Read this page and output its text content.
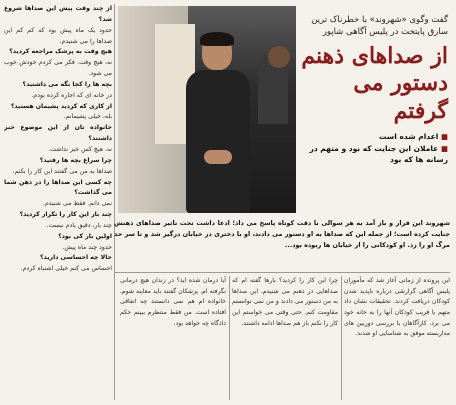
از چند وقت پیش این صداها شروع شد؟
حدود یک ماه پیش بود که کم کم این صداها را می شنیدم.
هیچ وقت به پزشک مراجعه کردید؟
نه، هیچ وقت. فکر می کردم خودش خوب می شود.
بچه ها را کجا نگه می داشتید؟
در خانه ای که اجاره کرده بودم.
از کاری که کردید پشیمان هستید؟
بله، خیلی پشیمانم.
خانواده تان از این موضوع خبر داشتند؟
نه، هیچ کس خبر نداشت.
چرا سراغ بچه ها رفتید؟
صداها به من می گفتند این کار را بکنم.
چه کسی این صداها را در ذهن شما می گذاشت؟
نمی دانم. فقط می شنیدم.
چند بار این کار را تکرار کردید؟
چند بار، دقیق یادم نیست.
اولین بار کی بود؟
حدود چند ماه پیش.
حالا چه احساسی دارید؟
احساس می کنم خیلی اشتباه کردم.

گفت وگوی «شهروند» با خطرناک ترین سارق پایتخت در پلیس آگاهی شاپور

از صداهای ذهنم دستور می گرفتم
■ اعدام شده است
■ عاملان این جنایت که بود و متهم در رسانه ها که بود
شهروند این قرار و باز آمد به هر سوالی با دقت کوتاه پاسخ می داد؛ ادعا داشت تحت تاثیر صداهای ذهنش جنایت کرده است؛ از جمله این که صداها به او دستور می دادند، او با دختری در خیابان درگیر شد و تا سر حد مرگ او را زد. او کودکانی را از خیابان ها ربوده بود...
این پرونده از زمانی آغاز شد که مأموران پلیس آگاهی گزارشی درباره ناپدید شدن کودکان دریافت کردند. تحقیقات نشان داد متهم با فریب کودکان آنها را به خانه خود می برد. کارآگاهان با بررسی دوربین های مداربسته موفق به شناسایی او شدند.
چرا این کار را کردید؟ بارها گفته ام که صداهایی در ذهنم می شنیدم. این صداها به من دستور می دادند و من نمی توانستم مقاومت کنم. حتی وقتی می خواستم این کار را نکنم باز هم صداها ادامه داشتند.
آیا درمان شده اید؟ در زندان هیچ درمانی نگرفته ام. پزشکان گفتند باید معاینه شوم. خانواده ام هم نمی دانستند چه اتفاقی افتاده است. من فقط منتظرم ببینم حکم دادگاه چه خواهد بود.
